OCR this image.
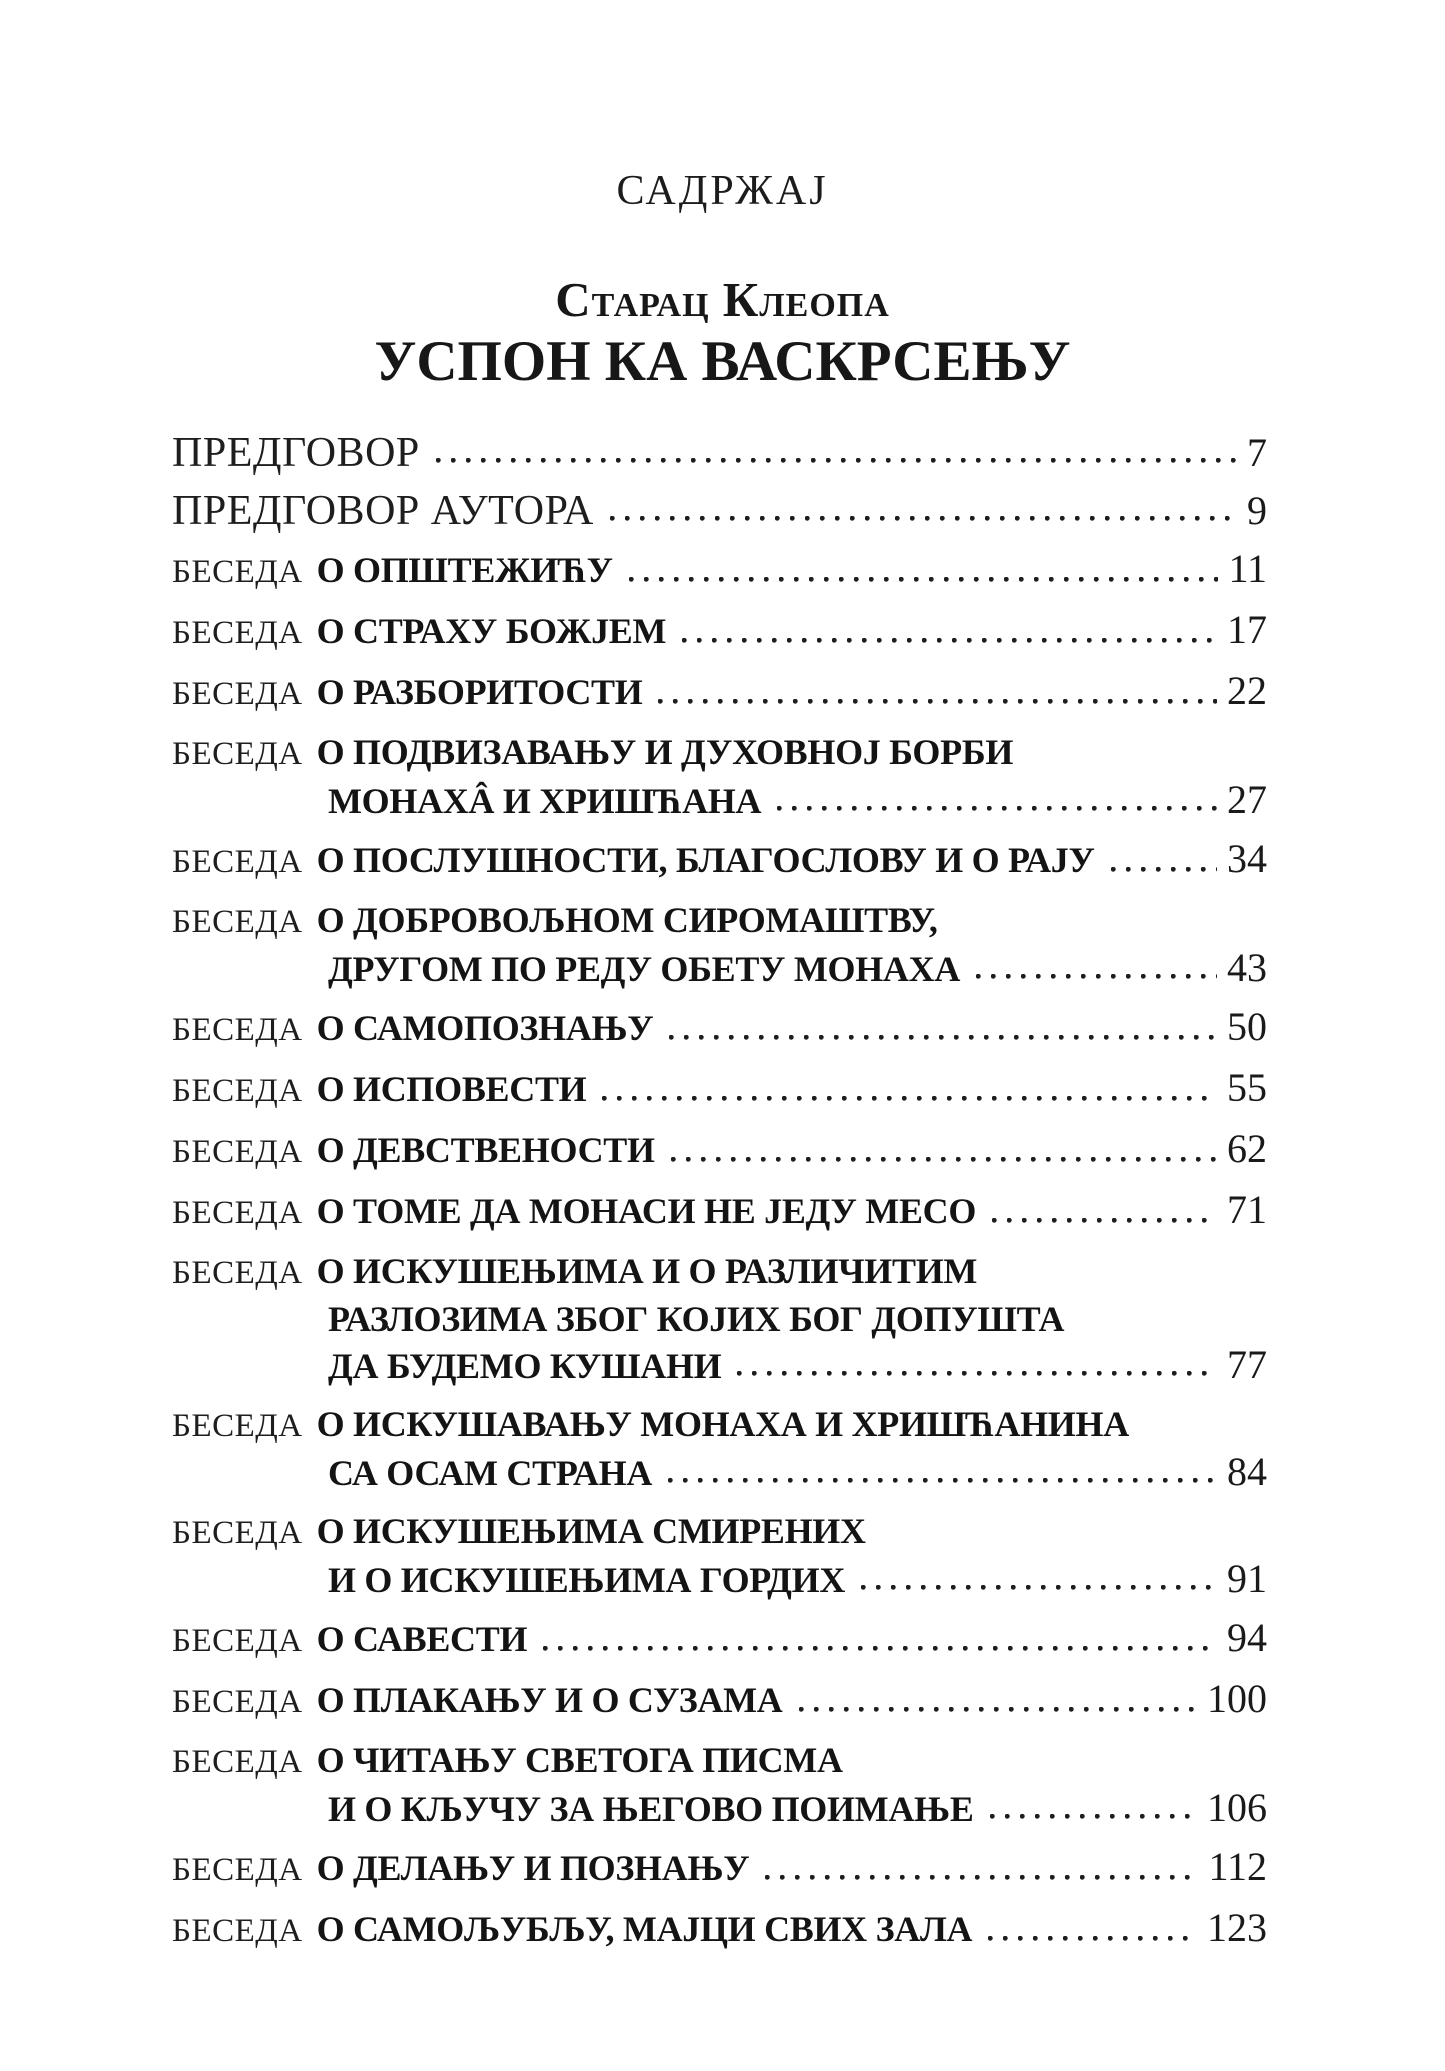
САДРЖАЈ
Старац Клеопа
УСПОН КА ВАСКРСЕЊУ
ПРЕДГОВОР	7
ПРЕДГОВОР АУТОРА	9
БЕСЕДА О ОПШТЕЖИЋУ	11
БЕСЕДА О СТРАХУ БОЖЈЕМ	17
БЕСЕДА О РАЗБОРИТОСТИ	22
БЕСЕДА О ПОДВИЗАВАЊУ И ДУХОВНОЈ БОРБИ
МОНАХÂ И ХРИШЋАНА	27
БЕСЕДА О ПОСЛУШНОСТИ, БЛАГОСЛОВУ И О РАЈУ	34
БЕСЕДА О ДОБРОВОЉНОМ СИРОМАШТВУ,
ДРУГОМ ПО РЕДУ ОБЕТУ МОНАХА	43
БЕСЕДА О САМОПОЗНАЊУ	50
БЕСЕДА О ИСПОВЕСТИ	55
БЕСЕДА О ДЕВСТВЕНОСТИ	62
БЕСЕДА О ТОМЕ ДА МОНАСИ НЕ ЈЕДУ МЕСО	71
БЕСЕДА О ИСКУШЕЊИМА И О РАЗЛИЧИТИМ
РАЗЛОЗИМА ЗБОГ КОЈИХ БОГ ДОПУШТА
ДА БУДЕМО КУШАНИ	77
БЕСЕДА О ИСКУШАВАЊУ МОНАХА И ХРИШЋАНИНА
СА ОСАМ СТРАНА	84
БЕСЕДА О ИСКУШЕЊИМА СМИРЕНИХ
И О ИСКУШЕЊИМА ГОРДИХ	91
БЕСЕДА О САВЕСТИ	94
БЕСЕДА О ПЛАКАЊУ И О СУЗАМА	100
БЕСЕДА О ЧИТАЊУ СВЕТОГА ПИСМА
И О КЉУЧУ ЗА ЊЕГОВО ПОИМАЊЕ	106
БЕСЕДА О ДЕЛАЊУ И ПОЗНАЊУ	112
БЕСЕДА О САМОЉУБЉУ, МАЈЦИ СВИХ ЗАЛА	123
